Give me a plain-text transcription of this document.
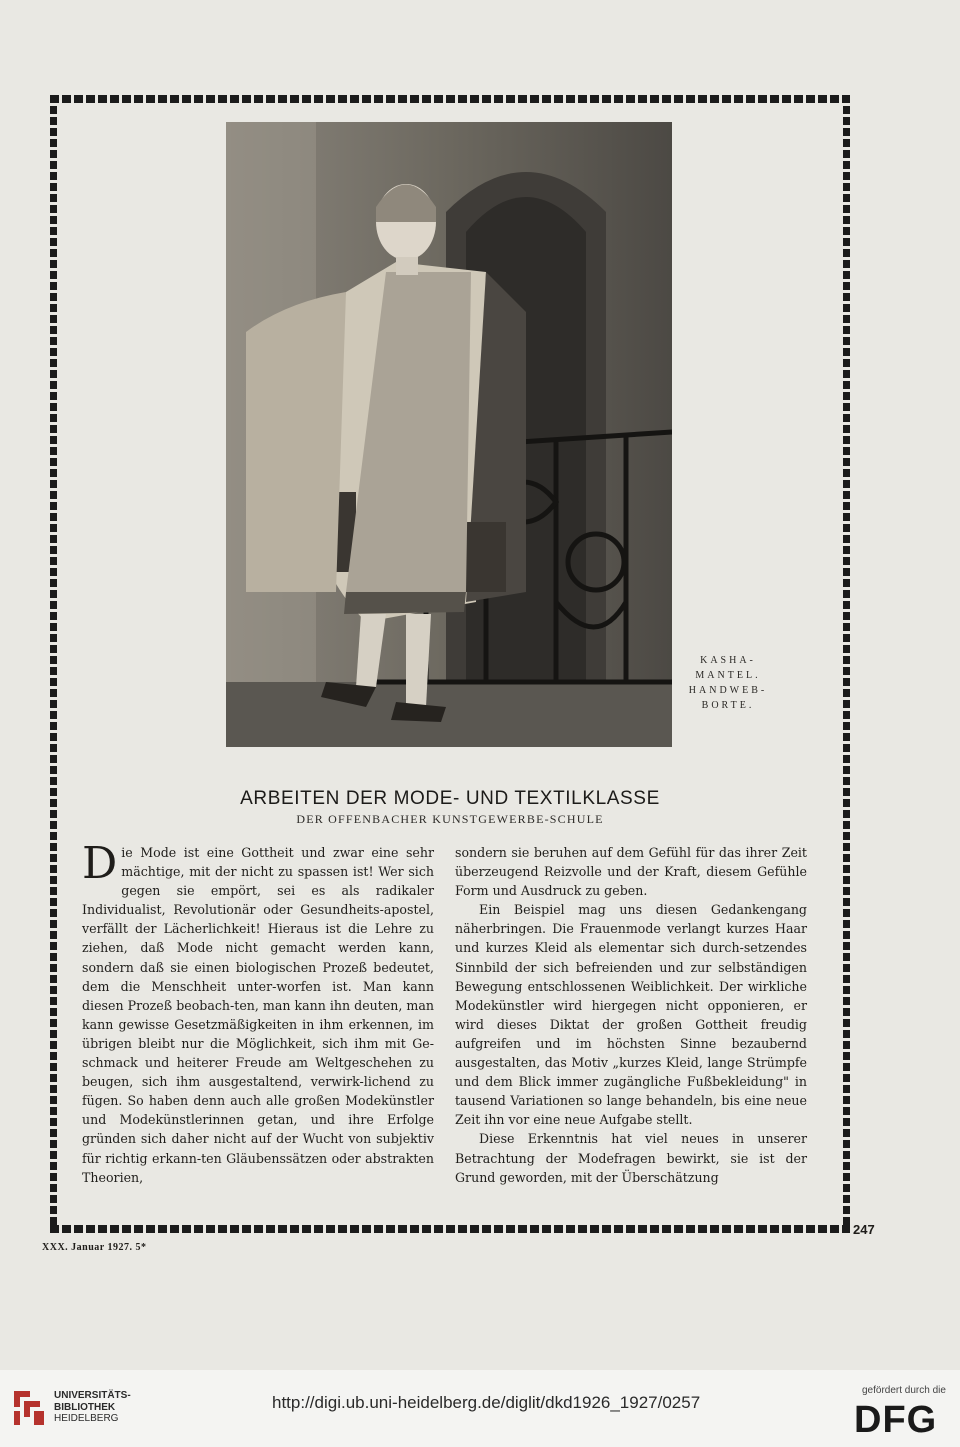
KASHA-
MANTEL.
HANDWEB-
BORTE.
ARBEITEN DER MODE- UND TEXTILKLASSE
DER OFFENBACHER KUNSTGEWERBE-SCHULE

Die Mode ist eine Gottheit und zwar eine sehr mächtige, mit der nicht zu spassen ist! Wer sich gegen sie empört, sei es als radikaler Individualist, Revolutionär oder Gesundheits-apostel, verfällt der Lächerlichkeit! Hieraus ist die Lehre zu ziehen, daß Mode nicht gemacht werden kann, sondern daß sie einen biologischen Prozeß bedeutet, dem die Menschheit unter-worfen ist. Man kann diesen Prozeß beobach-ten, man kann ihn deuten, man kann gewisse Gesetzmäßigkeiten in ihm erkennen, im übrigen bleibt nur die Möglichkeit, sich ihm mit Ge-schmack und heiterer Freude am Weltgeschehen zu beugen, sich ihm ausgestaltend, verwirk-lichend zu fügen. So haben denn auch alle großen Modekünstler und Modekünstlerinnen getan, und ihre Erfolge gründen sich daher nicht auf der Wucht von subjektiv für richtig erkann-ten Gläubenssätzen oder abstrakten Theorien,

sondern sie beruhen auf dem Gefühl für das ihrer Zeit überzeugend Reizvolle und der Kraft, diesem Gefühle Form und Ausdruck zu geben.

Ein Beispiel mag uns diesen Gedankengang näherbringen. Die Frauenmode verlangt kurzes Haar und kurzes Kleid als elementar sich durch-setzendes Sinnbild der sich befreienden und zur selbständigen Bewegung entschlossenen Weiblichkeit. Der wirkliche Modekünstler wird hiergegen nicht opponieren, er wird dieses Diktat der großen Gottheit freudig aufgreifen und im höchsten Sinne bezaubernd ausgestalten, das Motiv „kurzes Kleid, lange Strümpfe und dem Blick immer zugängliche Fußbekleidung" in tausend Variationen so lange behandeln, bis eine neue Zeit ihn vor eine neue Aufgabe stellt.

Diese Erkenntnis hat viel neues in unserer Betrachtung der Modefragen bewirkt, sie ist der Grund geworden, mit der Überschätzung

247
XXX. Januar 1927. 5*
UNIVERSITÄTS-
BIBLIOTHEK
HEIDELBERG
http://digi.ub.uni-heidelberg.de/diglit/dkd1926_1927/0257
gefördert durch die
DFG
